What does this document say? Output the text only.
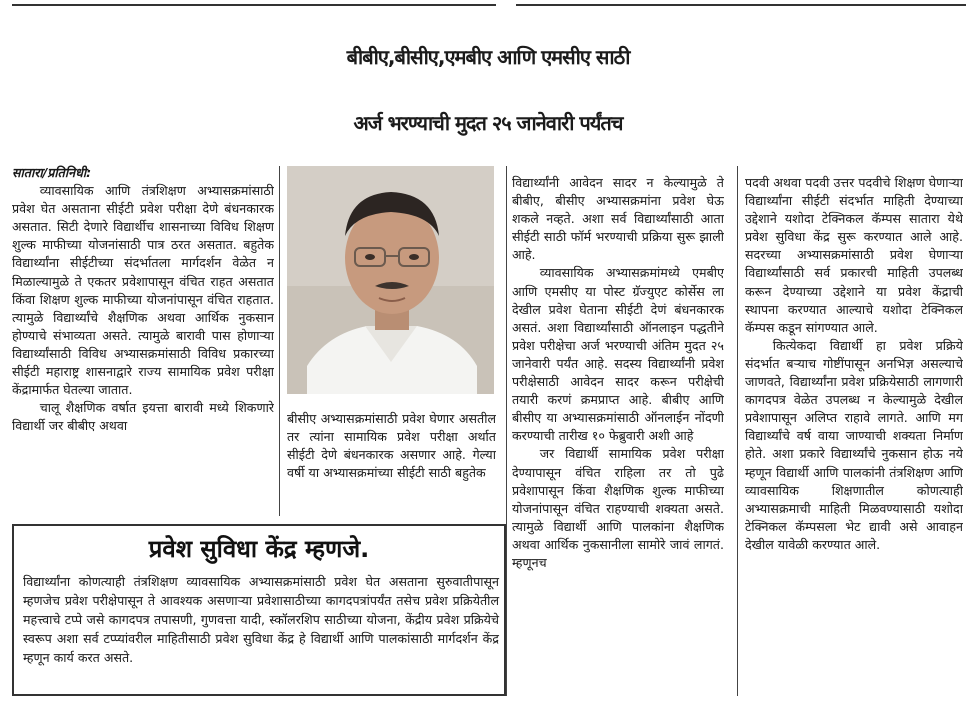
बीबीए,बीसीए,एमबीए आणि एमसीए साठी
अर्ज भरण्याची मुदत २५ जानेवारी पर्यंतच

सातारा/प्रतिनिधी:

व्यावसायिक आणि तंत्रशिक्षण अभ्यासक्रमांसाठी प्रवेश घेत असताना सीईटी प्रवेश परीक्षा देणे बंधनकारक असतात. सिटी देणारे विद्यार्थीच शासनाच्या विविध शिक्षण शुल्क माफीच्या योजनांसाठी पात्र ठरत असतात. बहुतेक विद्यार्थ्यांना सीईटीच्या संदर्भातला मार्गदर्शन वेळेत न मिळाल्यामुळे ते एकतर प्रवेशापासून वंचित राहत असतात किंवा शिक्षण शुल्क माफीच्या योजनांपासून वंचित राहतात. त्यामुळे विद्यार्थ्यांचे शैक्षणिक अथवा आर्थिक नुकसान होण्याचे संभाव्यता असते. त्यामुळे बारावी पास होणाऱ्या विद्यार्थ्यांसाठी विविध अभ्यासक्रमांसाठी विविध प्रकारच्या सीईटी महाराष्ट्र शासनाद्वारे राज्य सामायिक प्रवेश परीक्षा केंद्रामार्फत घेतल्या जातात.

चालू शैक्षणिक वर्षात इयत्ता बारावी मध्ये शिकणारे विद्यार्थी जर बीबीए अथवा	बीसीए अभ्यासक्रमांसाठी प्रवेश घेणार असतील तर त्यांना सामायिक प्रवेश परीक्षा अर्थात सीईटी देणे बंधनकारक असणार आहे. गेल्या वर्षी या अभ्यासक्रमांच्या सीईटी साठी बहुतेक

विद्यार्थ्यांनी आवेदन सादर न केल्यामुळे ते बीबीए, बीसीए अभ्यासक्रमांना प्रवेश घेऊ शकले नव्हते. अशा सर्व विद्यार्थ्यांसाठी आता सीईटी साठी फॉर्म भरण्याची प्रक्रिया सुरू झाली आहे.

व्यावसायिक अभ्यासक्रमांमध्ये एमबीए आणि एमसीए या पोस्ट ग्रॅज्युएट कोर्सेस ला देखील प्रवेश घेताना सीईटी देणं बंधनकारक असतं. अशा विद्यार्थ्यांसाठी ऑनलाइन पद्धतीने प्रवेश परीक्षेचा अर्ज भरण्याची अंतिम मुदत २५ जानेवारी पर्यंत आहे. सदस्य विद्यार्थ्यांनी प्रवेश परीक्षेसाठी आवेदन सादर करून परीक्षेची तयारी करणं क्रमप्राप्त आहे. बीबीए आणि बीसीए या अभ्यासक्रमांसाठी ऑनलाईन नोंदणी करण्याची तारीख १० फेब्रुवारी अशी आहे

जर विद्यार्थी सामायिक प्रवेश परीक्षा देण्यापासून वंचित राहिला तर तो पुढे प्रवेशापासून किंवा शैक्षणिक शुल्क माफीच्या योजनांपासून वंचित राहण्याची शक्यता असते. त्यामुळे विद्यार्थी आणि पालकांना शैक्षणिक अथवा आर्थिक नुकसानीला सामोरे जावं लागतं. म्हणूनच

पदवी अथवा पदवी उत्तर पदवीचे शिक्षण घेणाऱ्या विद्यार्थ्यांना सीईटी संदर्भात माहिती देण्याच्या उद्देशाने यशोदा टेक्निकल कॅम्पस सातारा येथे प्रवेश सुविधा केंद्र सुरू करण्यात आले आहे. सदरच्या अभ्यासक्रमांसाठी प्रवेश घेणाऱ्या विद्यार्थ्यांसाठी सर्व प्रकारची माहिती उपलब्ध करून देण्याच्या उद्देशाने या प्रवेश केंद्राची स्थापना करण्यात आल्याचे यशोदा टेक्निकल कॅम्पस कडून सांगण्यात आले.

कित्येकदा विद्यार्थी हा प्रवेश प्रक्रिये संदर्भात बऱ्याच गोष्टींपासून अनभिज्ञ असल्याचे जाणवते, विद्यार्थ्यांना प्रवेश प्रक्रियेसाठी लागणारी कागदपत्र वेळेत उपलब्ध न केल्यामुळे देखील प्रवेशापासून अलिप्त राहावे लागते. आणि मग विद्यार्थ्यांचे वर्ष वाया जाण्याची शक्यता निर्माण होते. अशा प्रकारे विद्यार्थ्यांचे नुकसान होऊ नये म्हणून विद्यार्थी आणि पालकांनी तंत्रशिक्षण आणि व्यावसायिक शिक्षणातील कोणत्याही अभ्यासक्रमाची माहिती मिळवण्यासाठी यशोदा टेक्निकल कॅम्पसला भेट द्यावी असे आवाहन देखील यावेळी करण्यात आले.

प्रवेश सुविधा केंद्र म्हणजे.

विद्यार्थ्यांना कोणत्याही तंत्रशिक्षण व्यावसायिक अभ्यासक्रमांसाठी प्रवेश घेत असताना सुरुवातीपासून म्हणजेच प्रवेश परीक्षेपासून ते आवश्यक असणाऱ्या प्रवेशासाठीच्या कागदपत्रांपर्यंत तसेच प्रवेश प्रक्रियेतील महत्त्वाचे टप्पे जसे कागदपत्र तपासणी, गुणवत्ता यादी, स्कॉलरशिप साठीच्या योजना, केंद्रीय प्रवेश प्रक्रियेचे स्वरूप अशा सर्व टप्प्यांवरील माहितीसाठी प्रवेश सुविधा केंद्र हे विद्यार्थी आणि पालकांसाठी मार्गदर्शन केंद्र म्हणून कार्य करत असते.
